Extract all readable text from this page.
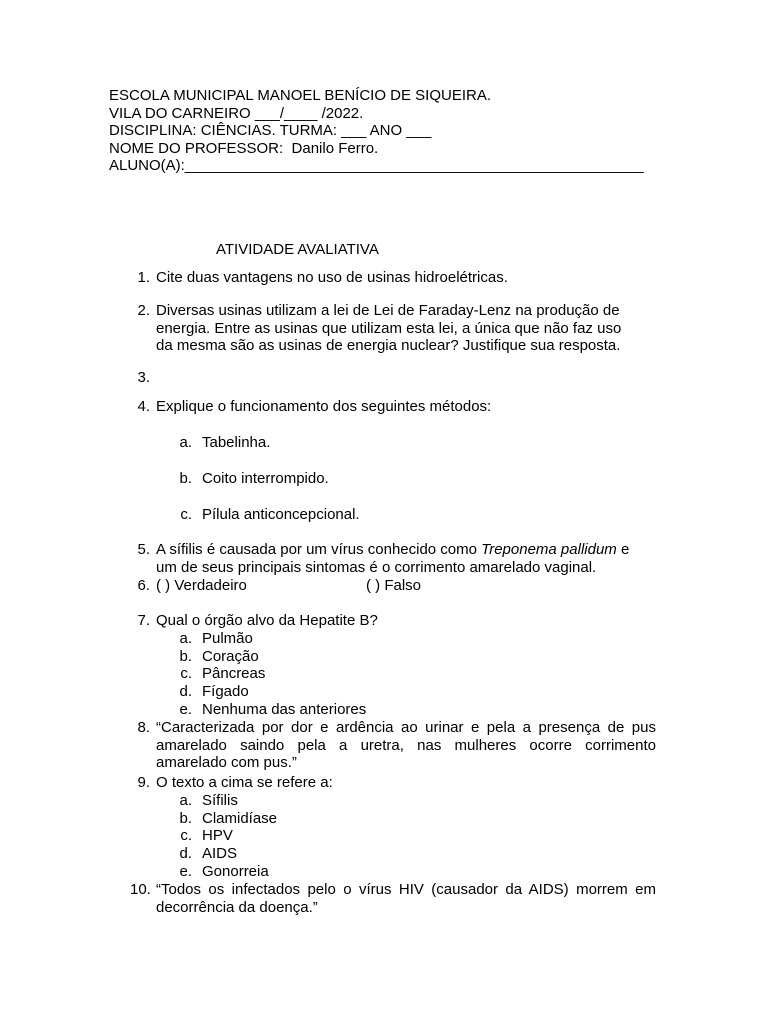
ESCOLA MUNICIPAL MANOEL BENÍCIO DE SIQUEIRA.
VILA DO CARNEIRO ___/____ /2022.
DISCIPLINA: CIÊNCIAS. TURMA: ___ ANO ___
NOME DO PROFESSOR:  Danilo Ferro.
ALUNO(A):_______________________________________________________
ATIVIDADE AVALIATIVA
1. Cite duas vantagens no uso de usinas hidroelétricas.
2. Diversas usinas utilizam a lei de Lei de Faraday-Lenz na produção de
energia. Entre as usinas que utilizam esta lei, a única que não faz uso
da mesma são as usinas de energia nuclear? Justifique sua resposta.
3.
4. Explique o funcionamento dos seguintes métodos:
a. Tabelinha.
b. Coito interrompido.
c. Pílula anticoncepcional.
5. A sífilis é causada por um vírus conhecido como Treponema pallidum e
um de seus principais sintomas é o corrimento amarelado vaginal.
6. ( ) Verdadeiro	( ) Falso
7. Qual o órgão alvo da Hepatite B?
a. Pulmão
b. Coração
c. Pâncreas
d. Fígado
e. Nenhuma das anteriores
8. “Caracterizada por dor e ardência ao urinar e pela a presença de pus amarelado saindo pela a uretra, nas mulheres ocorre corrimento amarelado com pus.”
9. O texto a cima se refere a:
a. Sífilis
b. Clamidíase
c. HPV
d. AIDS
e. Gonorreia
10. “Todos os infectados pelo o vírus HIV (causador da AIDS) morrem em decorrência da doença.”
